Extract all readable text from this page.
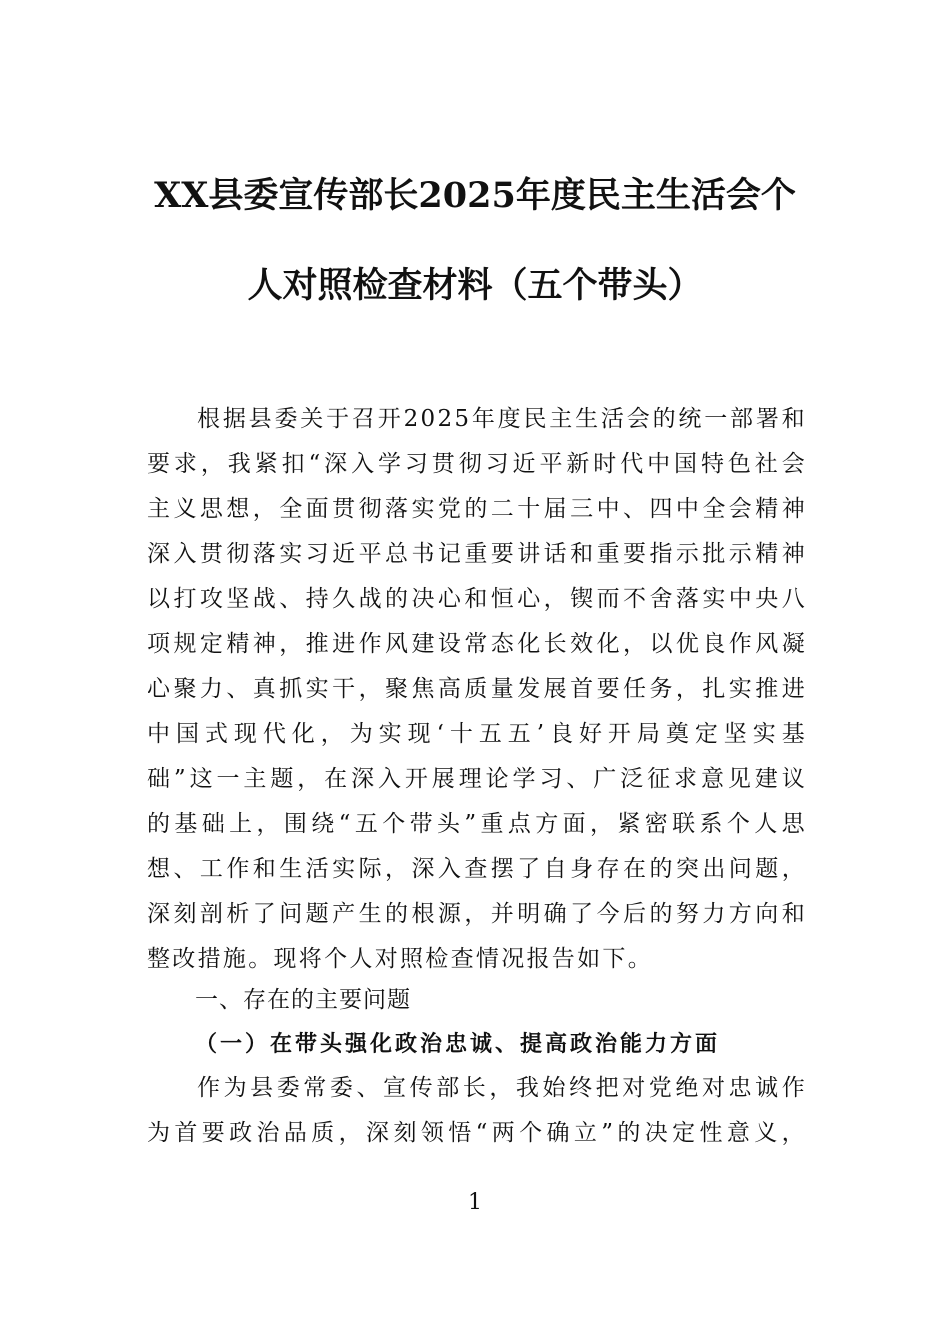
XX县委宣传部长2025年度民主生活会个
人对照检查材料（五个带头）
根据县委关于召开2025年度民主生活会的统一部署和
要求，我紧扣“深入学习贯彻习近平新时代中国特色社会
主义思想，全面贯彻落实党的二十届三中、四中全会精神
深入贯彻落实习近平总书记重要讲话和重要指示批示精神
以打攻坚战、持久战的决心和恒心，锲而不舍落实中央八
项规定精神，推进作风建设常态化长效化，以优良作风凝
心聚力、真抓实干，聚焦高质量发展首要任务，扎实推进
中国式现代化，为实现‘十五五’良好开局奠定坚实基
础”这一主题，在深入开展理论学习、广泛征求意见建议
的基础上，围绕“五个带头”重点方面，紧密联系个人思
想、工作和生活实际，深入查摆了自身存在的突出问题，
深刻剖析了问题产生的根源，并明确了今后的努力方向和
整改措施。现将个人对照检查情况报告如下。
一、存在的主要问题
（一）在带头强化政治忠诚、提高政治能力方面
作为县委常委、宣传部长，我始终把对党绝对忠诚作
为首要政治品质，深刻领悟“两个确立”的决定性意义，
1
